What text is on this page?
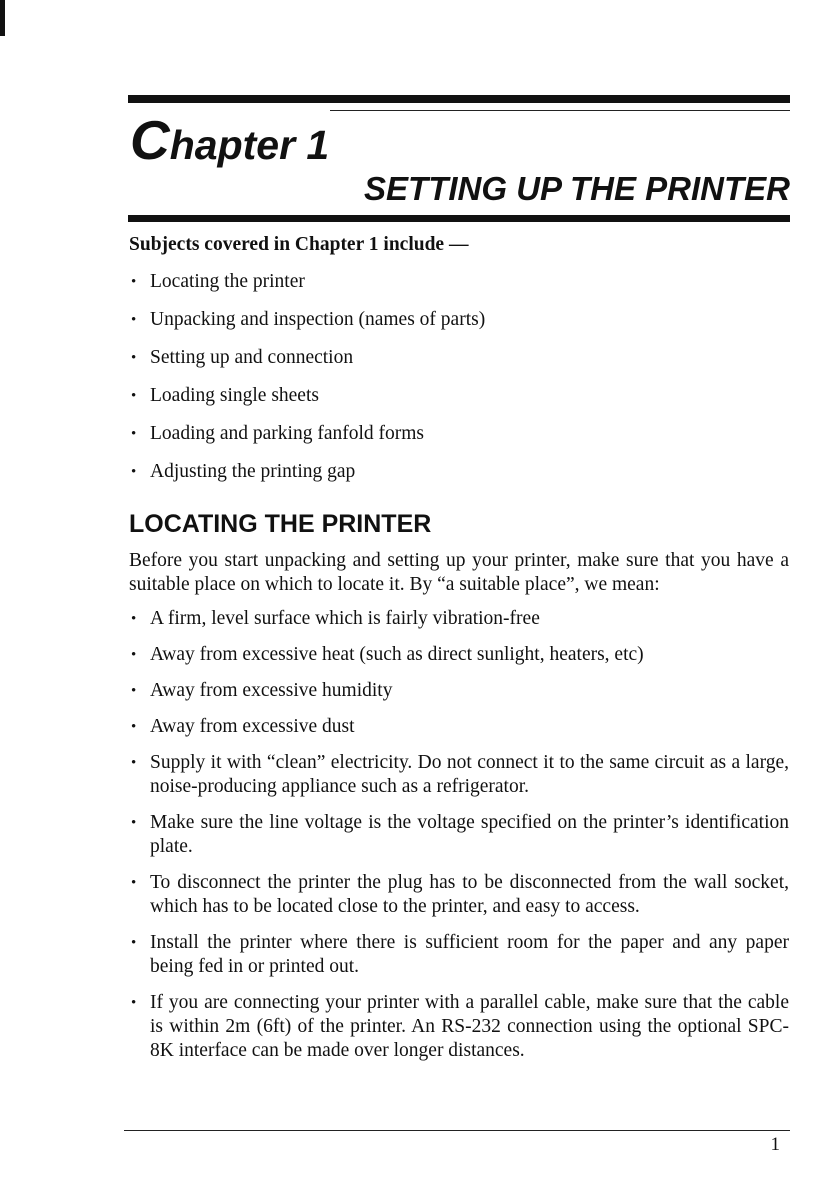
Chapter 1
SETTING UP THE PRINTER
Subjects covered in Chapter 1 include —
• Locating the printer
• Unpacking and inspection (names of parts)
• Setting up and connection
• Loading single sheets
• Loading and parking fanfold forms
• Adjusting the printing gap
LOCATING THE PRINTER

Before you start unpacking and setting up your printer, make sure that you have a suitable place on which to locate it. By “a suitable place”, we mean:

• A firm, level surface which is fairly vibration-free
• Away from excessive heat (such as direct sunlight, heaters, etc)
• Away from excessive humidity
• Away from excessive dust
• Supply it with “clean” electricity. Do not connect it to the same circuit as a large, noise-producing appliance such as a refrigerator.
• Make sure the line voltage is the voltage specified on the printer’s identification plate.
• To disconnect the printer the plug has to be disconnected from the wall socket, which has to be located close to the printer, and easy to access.
• Install the printer where there is sufficient room for the paper and any paper being fed in or printed out.
• If you are connecting your printer with a parallel cable, make sure that the cable is within 2m (6ft) of the printer. An RS-232 connection using the optional SPC-8K interface can be made over longer distances.
1
